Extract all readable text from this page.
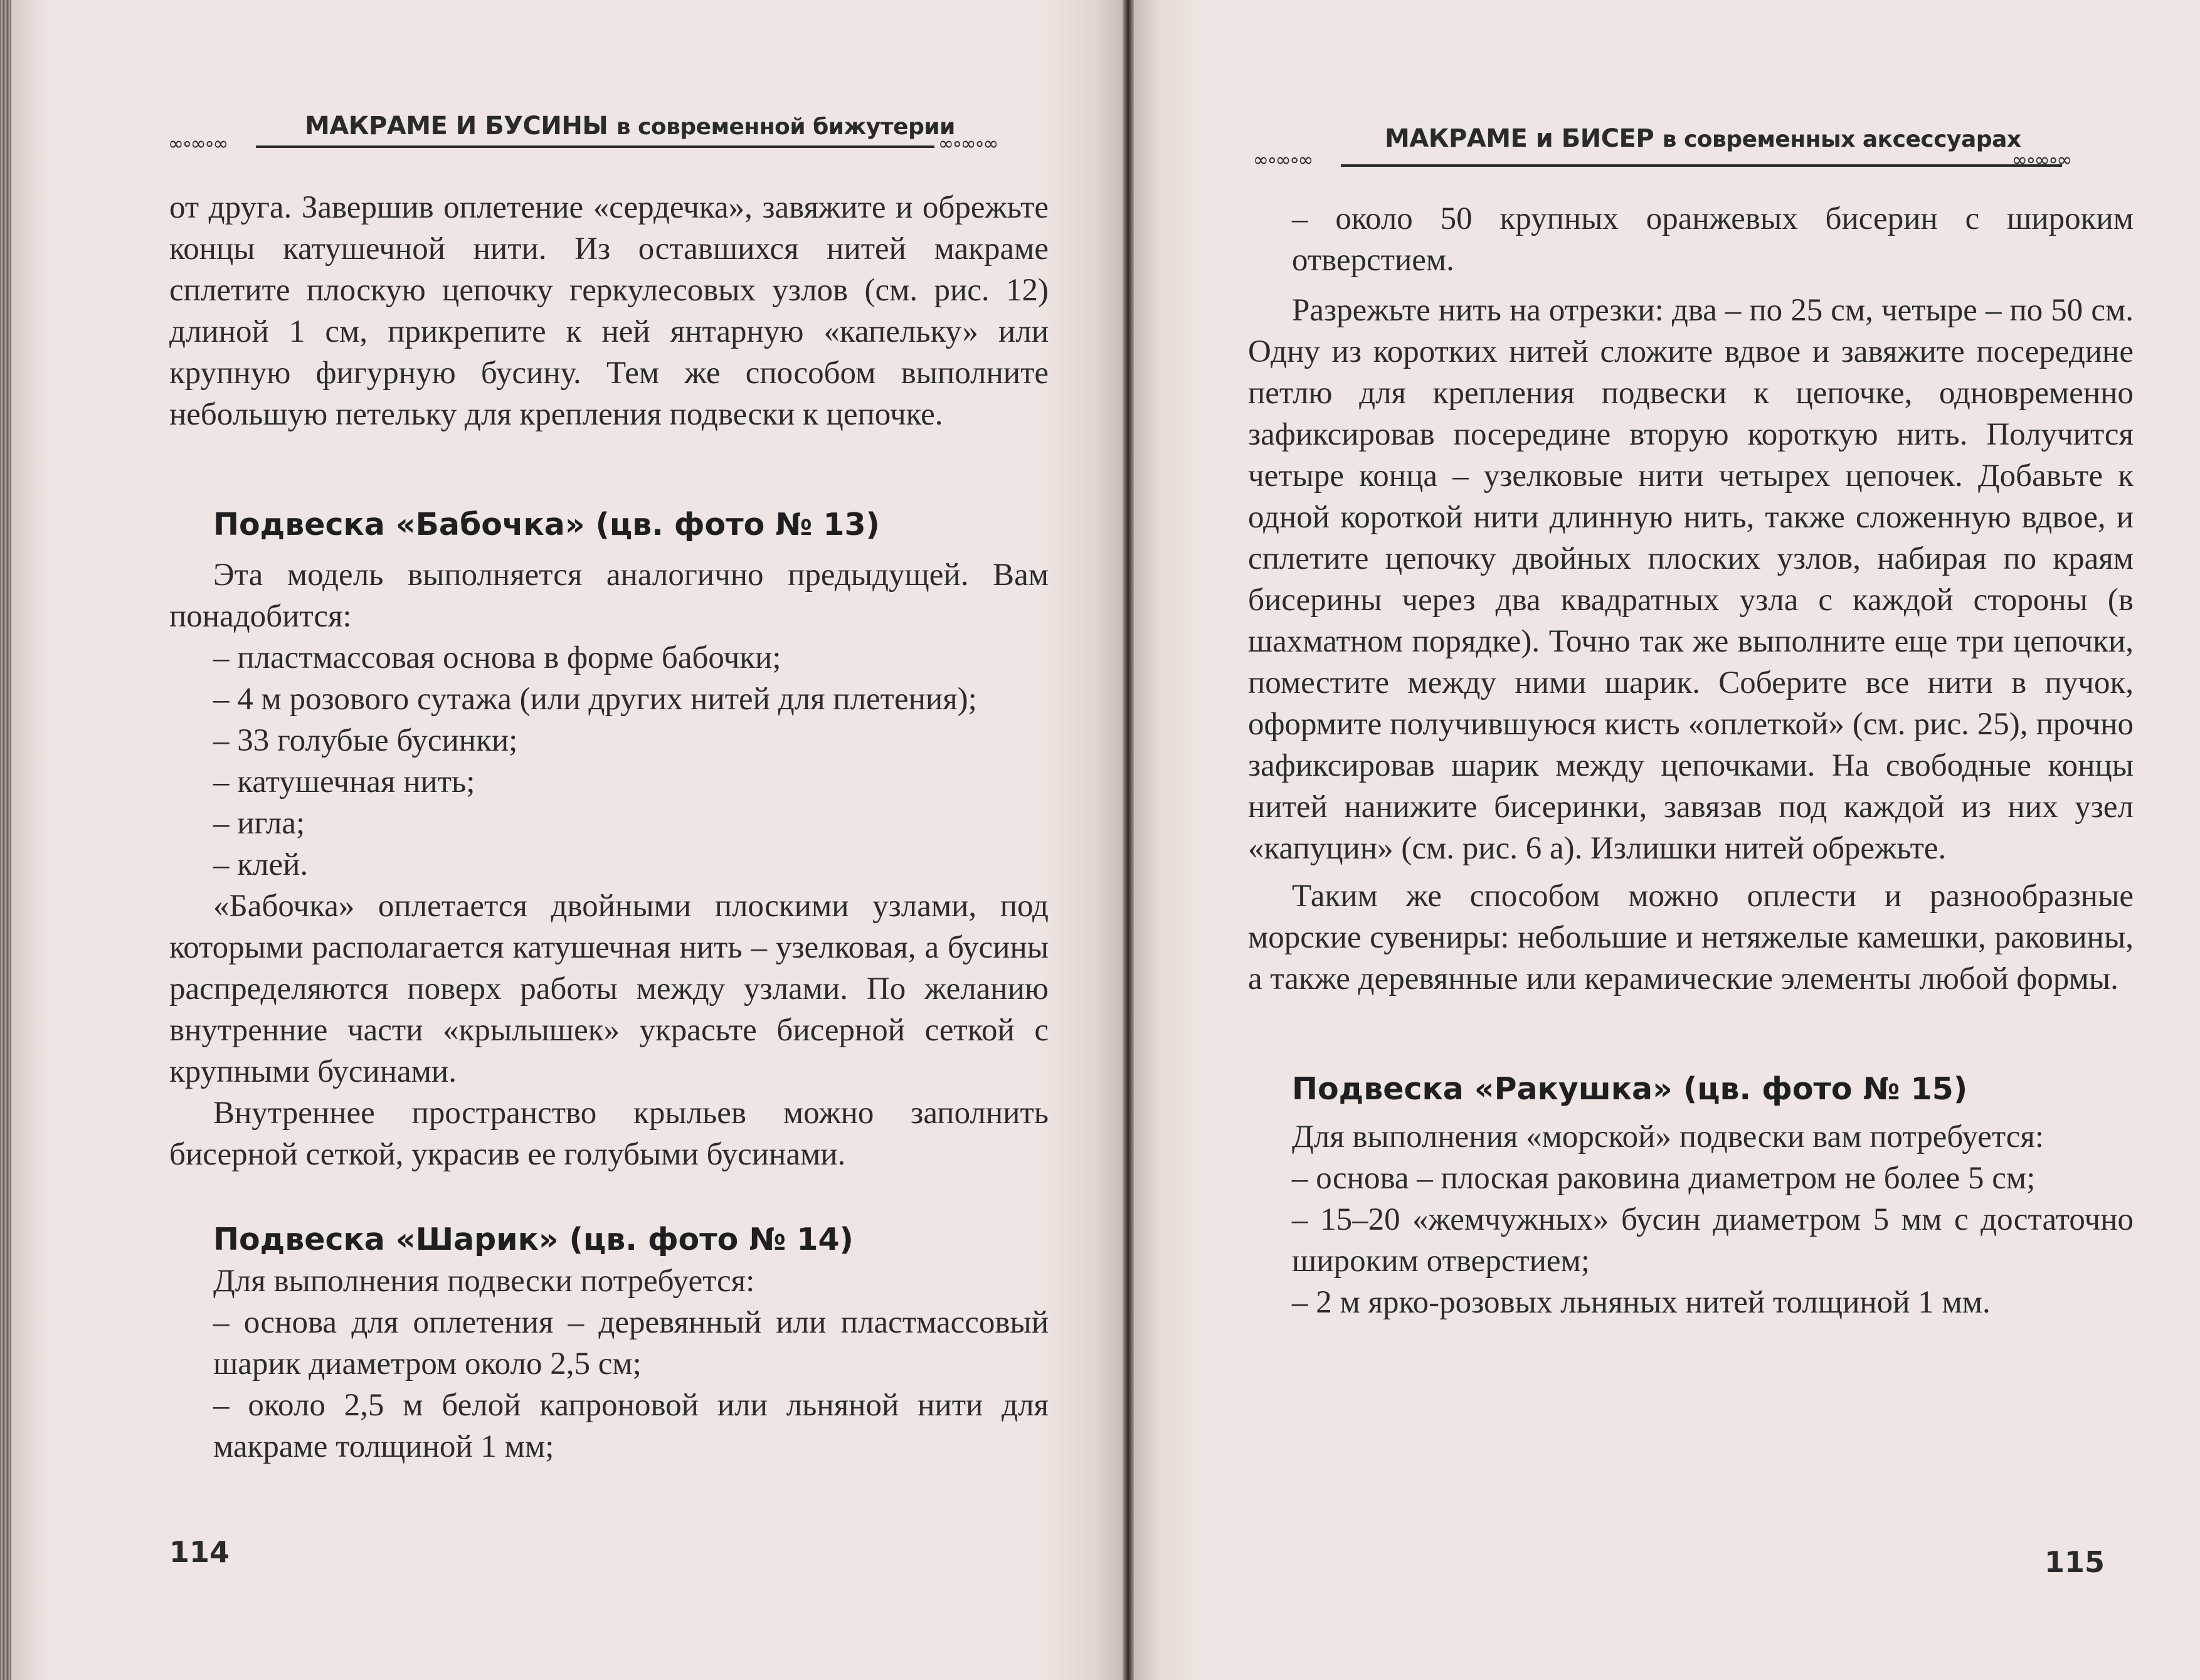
МАКРАМЕ И БУСИНЫ в современной бижутерии
∞∘∞∘∞	∞∘∞∘∞

от друга. Завершив оплетение «сердечка», завяжите и обрежьте концы катушечной нити. Из оставшихся нитей макраме сплетите плоскую цепочку геркулесовых узлов (см. рис. 12) длиной 1 см, прикрепите к ней янтарную «капельку» или крупную фигурную бусину. Тем же способом выполните небольшую петельку для крепления подвески к цепочке.

Подвеска «Бабочка» (цв. фото № 13)

Эта модель выполняется аналогично предыдущей. Вам понадобится:

– пластмассовая основа в форме бабочки;

– 4 м розового сутажа (или других нитей для плетения);

– 33 голубые бусинки;

– катушечная нить;

– игла;

– клей.

«Бабочка» оплетается двойными плоскими узлами, под которыми располагается катушечная нить – узелковая, а бусины распределяются поверх работы между узлами. По желанию внутренние части «крылышек» украсьте бисерной сеткой с крупными бусинами.

Внутреннее пространство крыльев можно заполнить бисерной сеткой, украсив ее голубыми бусинами.

Подвеска «Шарик» (цв. фото № 14)

Для выполнения подвески потребуется:

– основа для оплетения – деревянный или пластмассовый шарик диаметром около 2,5 см;

– около 2,5 м белой капроновой или льняной нити для макраме толщиной 1 мм;

114
МАКРАМЕ и БИСЕР в современных аксессуарах
∞∘∞∘∞	∞∘∞∘∞

– около 50 крупных оранжевых бисерин с широким отверстием.

Разрежьте нить на отрезки: два – по 25 см, четыре – по 50 см. Одну из коротких нитей сложите вдвое и завяжите посередине петлю для крепления подвески к цепочке, одновременно зафиксировав посередине вторую короткую нить. Получится четыре конца – узелковые нити четырех цепочек. Добавьте к одной короткой нити длинную нить, также сложенную вдвое, и сплетите цепочку двойных плоских узлов, набирая по краям бисерины через два квадратных узла с каждой стороны (в шахматном порядке). Точно так же выполните еще три цепочки, поместите между ними шарик. Соберите все нити в пучок, оформите получившуюся кисть «оплеткой» (см. рис. 25), прочно зафиксировав шарик между цепочками. На свободные концы нитей нанижите бисеринки, завязав под каждой из них узел «капуцин» (см. рис. 6 а). Излишки нитей обрежьте.

Таким же способом можно оплести и разнообразные морские сувениры: небольшие и нетяжелые камешки, раковины, а также деревянные или керамические элементы любой формы.

Подвеска «Ракушка» (цв. фото № 15)

Для выполнения «морской» подвески вам потребуется:

– основа – плоская раковина диаметром не более 5 см;

– 15–20 «жемчужных» бусин диаметром 5 мм с достаточно широким отверстием;

– 2 м ярко-розовых льняных нитей толщиной 1 мм.

115
